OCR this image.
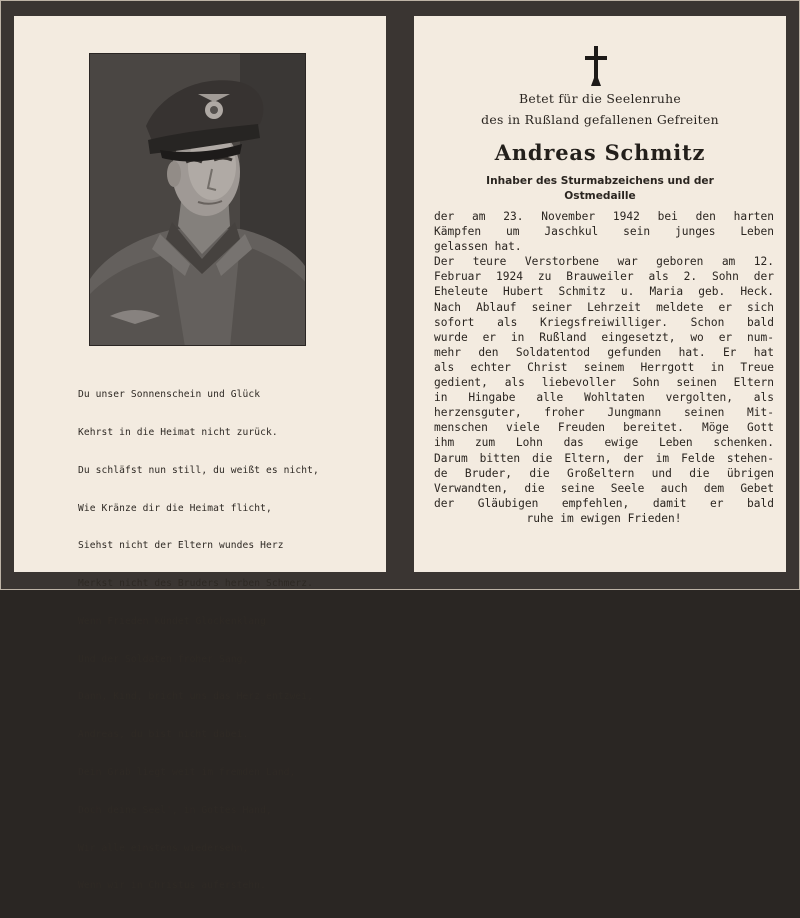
Du unser Sonnenschein und Glück

Kehrst in die Heimat nicht zurück.

Du schläfst nun still, du weißt es nicht,

Wie Kränze dir die Heimat flicht,

Siehst nicht der Eltern wundes Herz

Merkst nicht des Bruders herben Schmerz.

Wenn Frieden kündet Glockenklang

Und der Soldaten froher Sang,

Dann, Kind, bricht uns das Herz entzwei,

Andreas, du bist nicht dabei.

Dein Grab liegt weit im fremden Land,

Doch deine Seel', in Gottes Hand,

Wir alle einstens wiedersehn,

Wenn wir in Christus auferstehn.

Betet für die Seelenruhe
des in Rußland gefallenen Gefreiten
Andreas Schmitz
Inhaber des Sturmabzeichens und der
Ostmedaille
der am 23. November 1942 bei den harten
Kämpfen um Jaschkul sein junges Leben
gelassen hat.
Der teure Verstorbene war geboren am 12.
Februar 1924 zu Brauweiler als 2. Sohn der
Eheleute Hubert Schmitz u. Maria geb. Heck.
Nach Ablauf seiner Lehrzeit meldete er sich
sofort als Kriegsfreiwilliger. Schon bald
wurde er in Rußland eingesetzt, wo er num-
mehr den Soldatentod gefunden hat. Er hat
als echter Christ seinem Herrgott in Treue
gedient, als liebevoller Sohn seinen Eltern
in Hingabe alle Wohltaten vergolten, als
herzensguter, froher Jungmann seinen Mit-
menschen viele Freuden bereitet. Möge Gott
ihm zum Lohn das ewige Leben schenken.
Darum bitten die Eltern, der im Felde stehen-
de Bruder, die Großeltern und die übrigen
Verwandten, die seine Seele auch dem Gebet
der Gläubigen empfehlen, damit er bald
ruhe im ewigen Frieden!
